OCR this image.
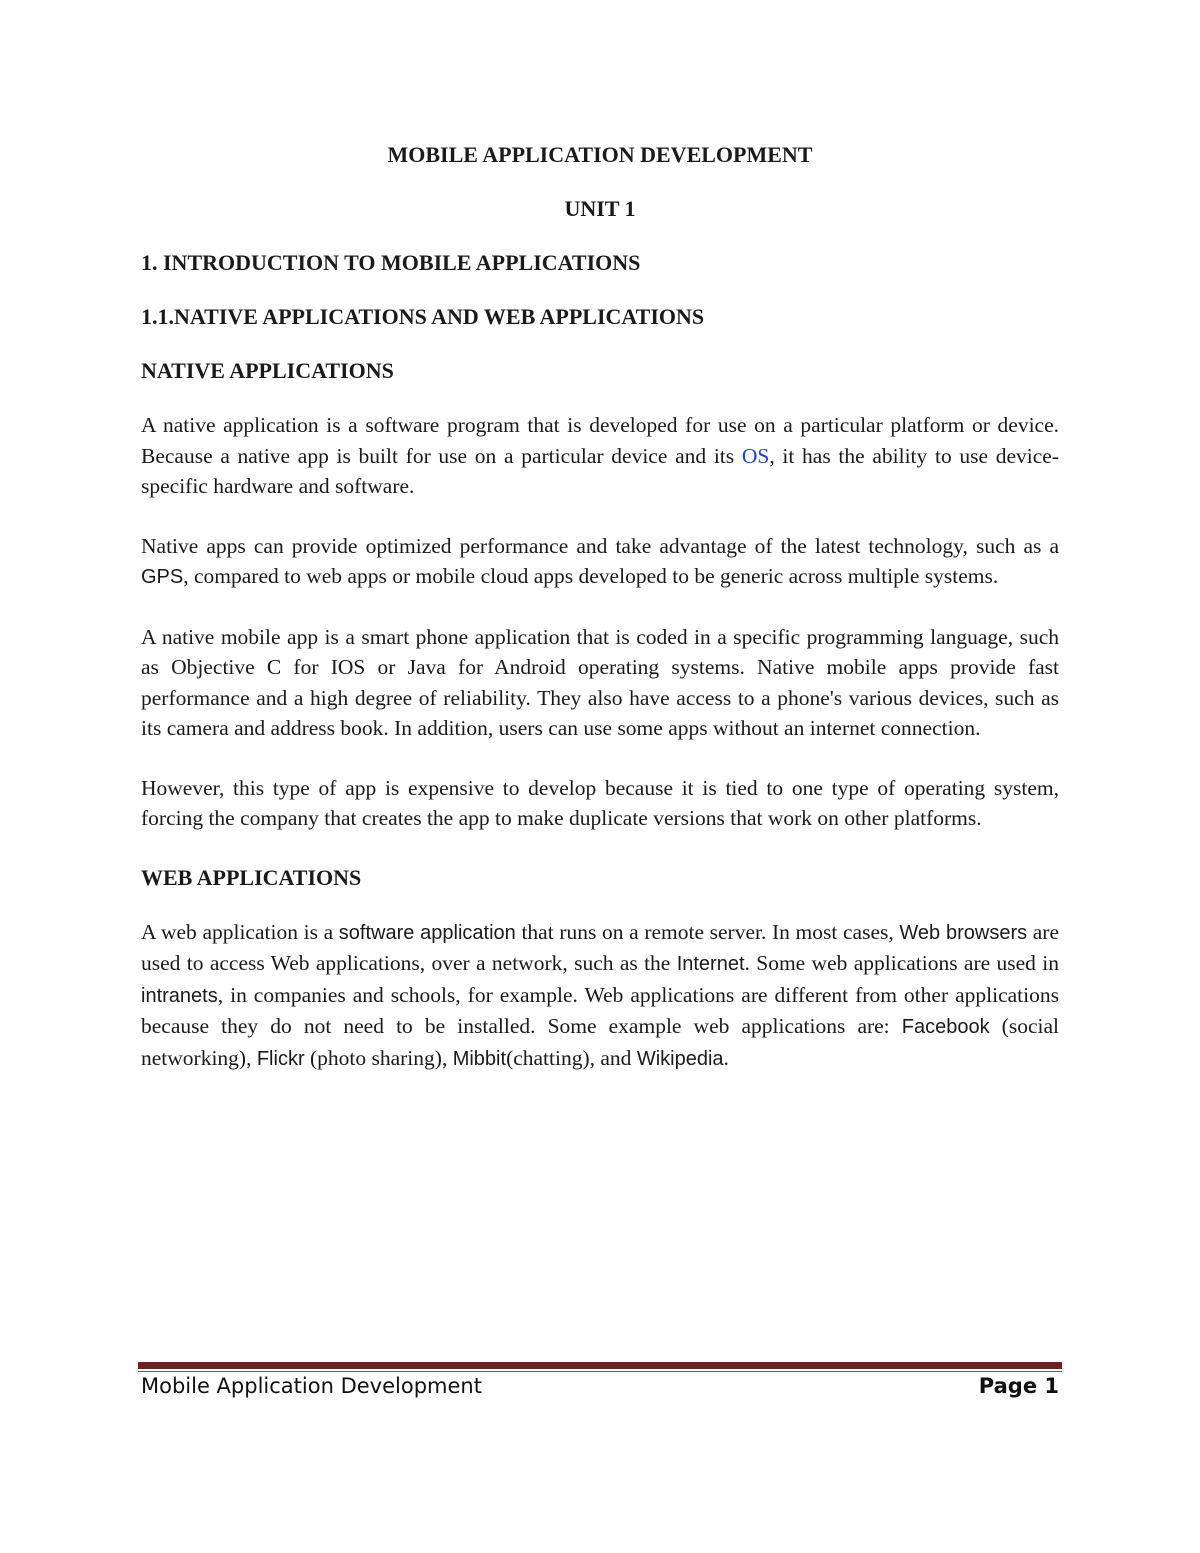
MOBILE APPLICATION DEVELOPMENT
UNIT 1
1. INTRODUCTION TO MOBILE APPLICATIONS
1.1.NATIVE APPLICATIONS AND WEB APPLICATIONS
NATIVE APPLICATIONS

A native application is a software program that is developed for use on a particular platform or device. Because a native app is built for use on a particular device and its OS, it has the ability to use device-specific hardware and software.

Native apps can provide optimized performance and take advantage of the latest technology, such as a GPS, compared to web apps or mobile cloud apps developed to be generic across multiple systems.

A native mobile app is a smart phone application that is coded in a specific programming language, such as Objective C for IOS or Java for Android operating systems. Native mobile apps provide fast performance and a high degree of reliability. They also have access to a phone's various devices, such as its camera and address book. In addition, users can use some apps without an internet connection.

However, this type of app is expensive to develop because it is tied to one type of operating system, forcing the company that creates the app to make duplicate versions that work on other platforms.

WEB APPLICATIONS

A web application is a software application that runs on a remote server. In most cases, Web browsers are used to access Web applications, over a network, such as the Internet. Some web applications are used in intranets, in companies and schools, for example. Web applications are different from other applications because they do not need to be installed. Some example web applications are: Facebook (social networking), Flickr (photo sharing), Mibbit(chatting), and Wikipedia.

Mobile Application Development	Page 1
